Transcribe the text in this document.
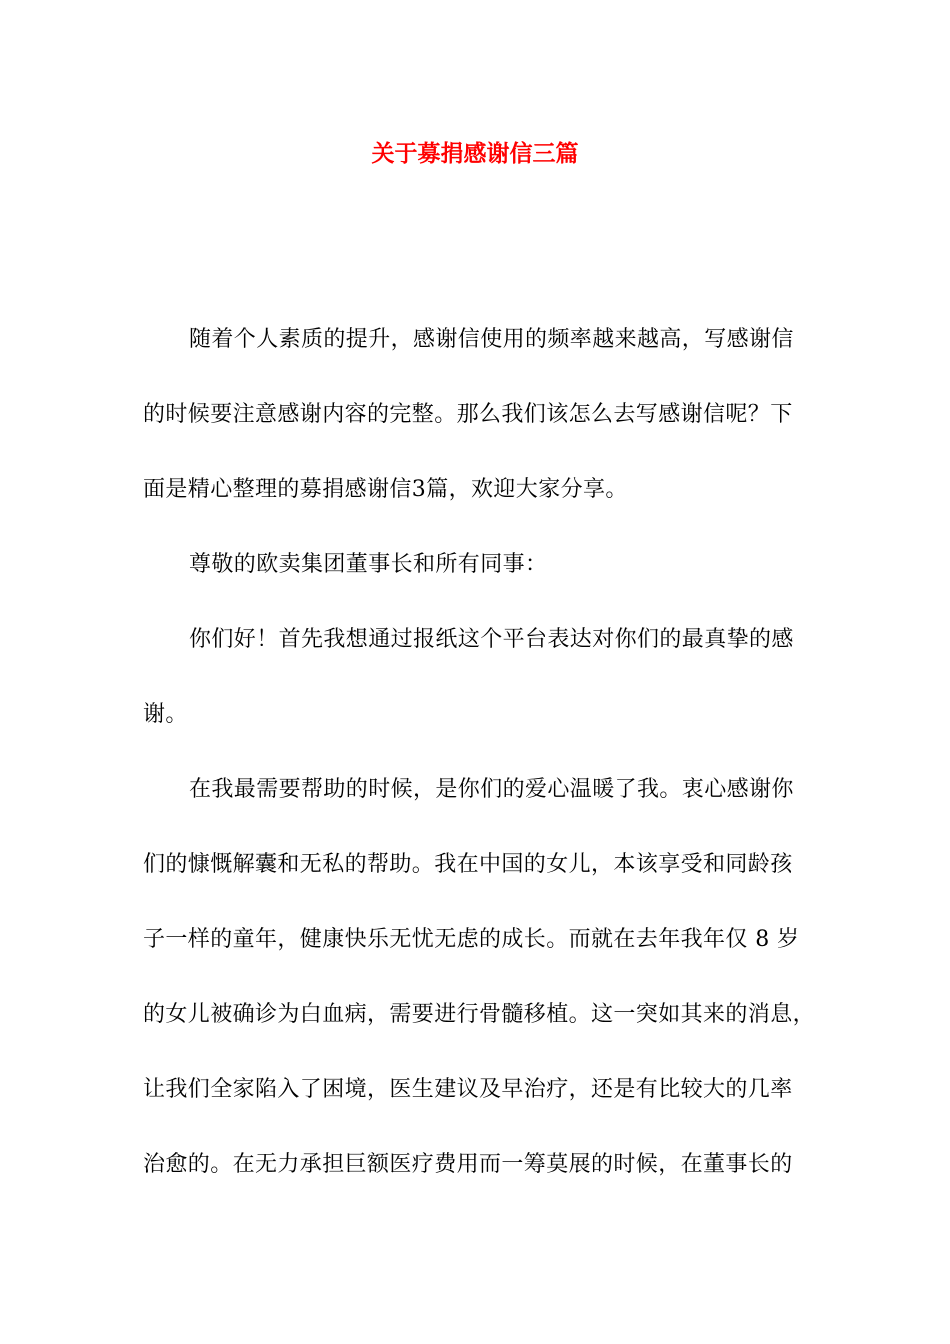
关于募捐感谢信三篇
随着个人素质的提升，感谢信使用的频率越来越高，写感谢信
的时候要注意感谢内容的完整。那么我们该怎么去写感谢信呢？下
面是精心整理的募捐感谢信3篇，欢迎大家分享。
尊敬的欧卖集团董事长和所有同事：
你们好！首先我想通过报纸这个平台表达对你们的最真挚的感
谢。
在我最需要帮助的时候，是你们的爱心温暖了我。衷心感谢你
们的慷慨解囊和无私的帮助。我在中国的女儿，本该享受和同龄孩
子一样的童年，健康快乐无忧无虑的成长。而就在去年我年仅 8 岁
的女儿被确诊为白血病，需要进行骨髓移植。这一突如其来的消息，
让我们全家陷入了困境，医生建议及早治疗，还是有比较大的几率
治愈的。在无力承担巨额医疗费用而一筹莫展的时候，在董事长的
